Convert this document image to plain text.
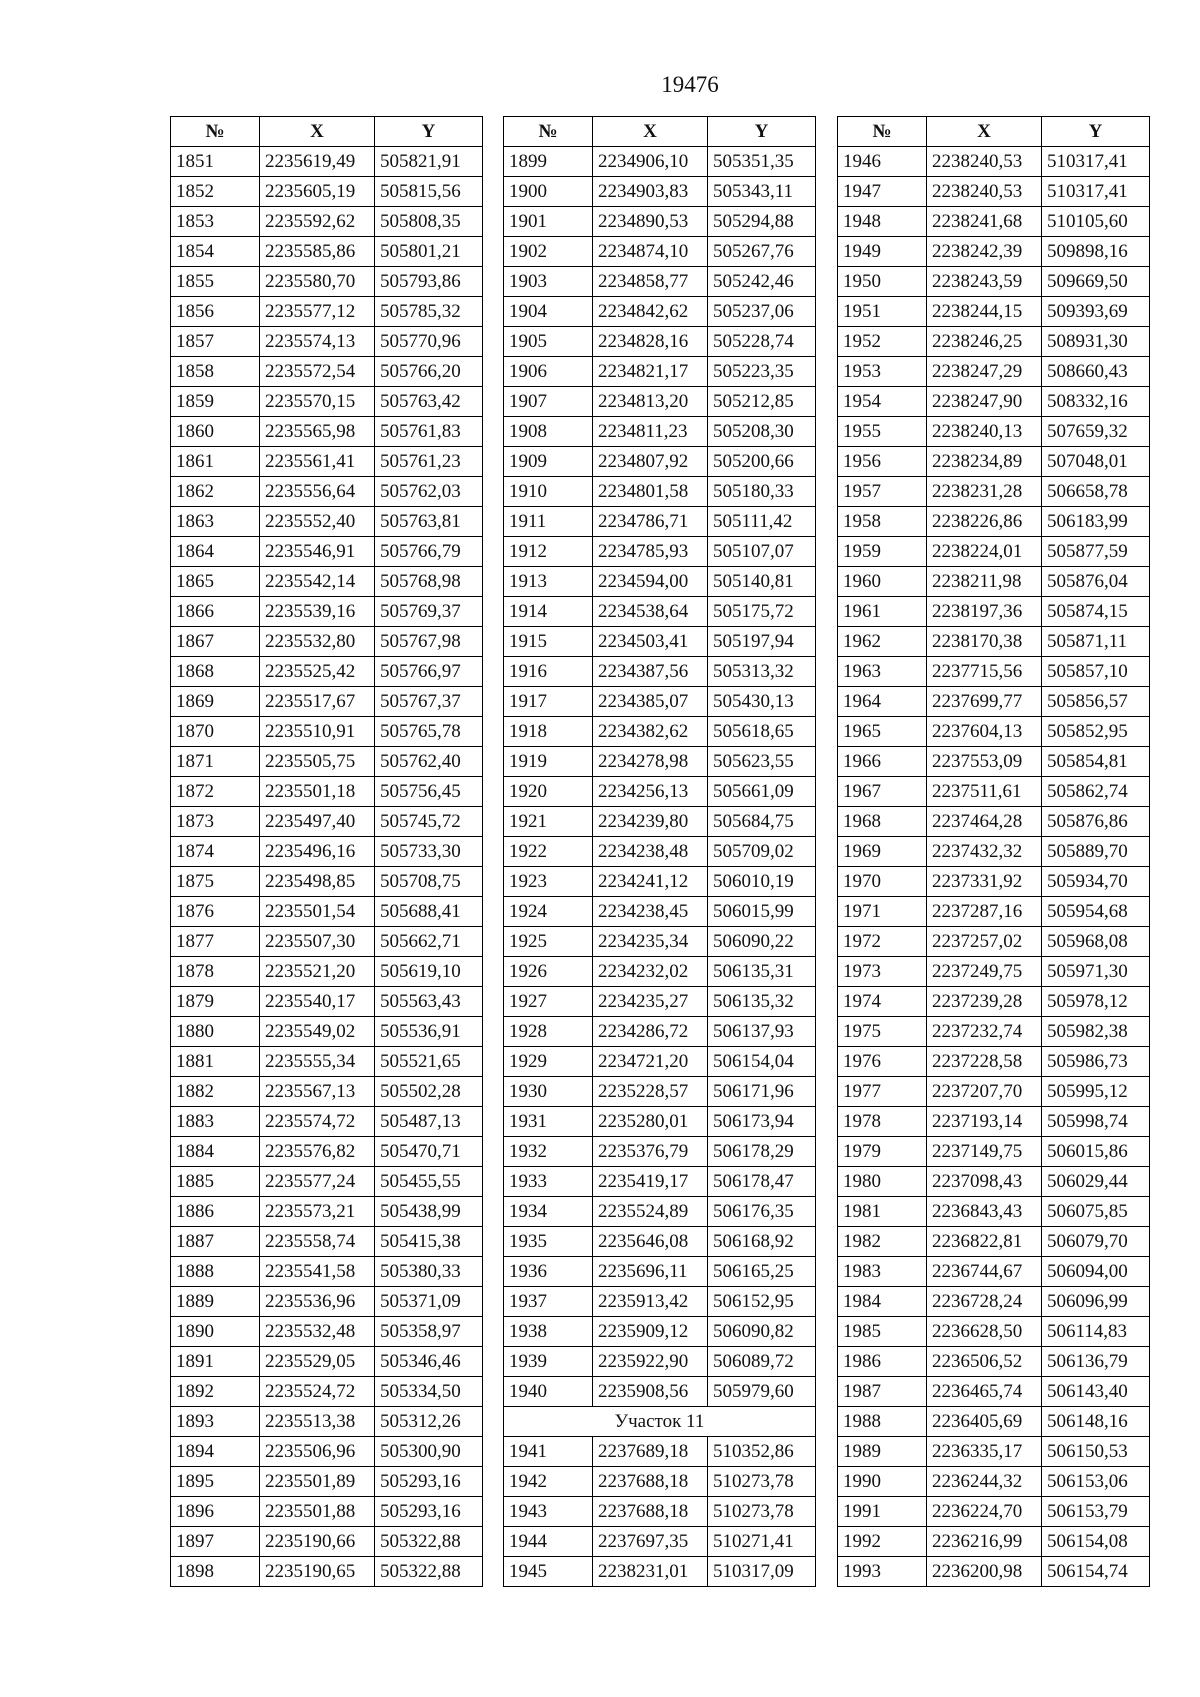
19476
№	X	Y
1851	2235619,49	505821,91
1852	2235605,19	505815,56
1853	2235592,62	505808,35
1854	2235585,86	505801,21
1855	2235580,70	505793,86
1856	2235577,12	505785,32
1857	2235574,13	505770,96
1858	2235572,54	505766,20
1859	2235570,15	505763,42
1860	2235565,98	505761,83
1861	2235561,41	505761,23
1862	2235556,64	505762,03
1863	2235552,40	505763,81
1864	2235546,91	505766,79
1865	2235542,14	505768,98
1866	2235539,16	505769,37
1867	2235532,80	505767,98
1868	2235525,42	505766,97
1869	2235517,67	505767,37
1870	2235510,91	505765,78
1871	2235505,75	505762,40
1872	2235501,18	505756,45
1873	2235497,40	505745,72
1874	2235496,16	505733,30
1875	2235498,85	505708,75
1876	2235501,54	505688,41
1877	2235507,30	505662,71
1878	2235521,20	505619,10
1879	2235540,17	505563,43
1880	2235549,02	505536,91
1881	2235555,34	505521,65
1882	2235567,13	505502,28
1883	2235574,72	505487,13
1884	2235576,82	505470,71
1885	2235577,24	505455,55
1886	2235573,21	505438,99
1887	2235558,74	505415,38
1888	2235541,58	505380,33
1889	2235536,96	505371,09
1890	2235532,48	505358,97
1891	2235529,05	505346,46
1892	2235524,72	505334,50
1893	2235513,38	505312,26
1894	2235506,96	505300,90
1895	2235501,89	505293,16
1896	2235501,88	505293,16
1897	2235190,66	505322,88
1898	2235190,65	505322,88
№	X	Y
1899	2234906,10	505351,35
1900	2234903,83	505343,11
1901	2234890,53	505294,88
1902	2234874,10	505267,76
1903	2234858,77	505242,46
1904	2234842,62	505237,06
1905	2234828,16	505228,74
1906	2234821,17	505223,35
1907	2234813,20	505212,85
1908	2234811,23	505208,30
1909	2234807,92	505200,66
1910	2234801,58	505180,33
1911	2234786,71	505111,42
1912	2234785,93	505107,07
1913	2234594,00	505140,81
1914	2234538,64	505175,72
1915	2234503,41	505197,94
1916	2234387,56	505313,32
1917	2234385,07	505430,13
1918	2234382,62	505618,65
1919	2234278,98	505623,55
1920	2234256,13	505661,09
1921	2234239,80	505684,75
1922	2234238,48	505709,02
1923	2234241,12	506010,19
1924	2234238,45	506015,99
1925	2234235,34	506090,22
1926	2234232,02	506135,31
1927	2234235,27	506135,32
1928	2234286,72	506137,93
1929	2234721,20	506154,04
1930	2235228,57	506171,96
1931	2235280,01	506173,94
1932	2235376,79	506178,29
1933	2235419,17	506178,47
1934	2235524,89	506176,35
1935	2235646,08	506168,92
1936	2235696,11	506165,25
1937	2235913,42	506152,95
1938	2235909,12	506090,82
1939	2235922,90	506089,72
1940	2235908,56	505979,60
Участок 11		
1941	2237689,18	510352,86
1942	2237688,18	510273,78
1943	2237688,18	510273,78
1944	2237697,35	510271,41
1945	2238231,01	510317,09
№	X	Y
1946	2238240,53	510317,41
1947	2238240,53	510317,41
1948	2238241,68	510105,60
1949	2238242,39	509898,16
1950	2238243,59	509669,50
1951	2238244,15	509393,69
1952	2238246,25	508931,30
1953	2238247,29	508660,43
1954	2238247,90	508332,16
1955	2238240,13	507659,32
1956	2238234,89	507048,01
1957	2238231,28	506658,78
1958	2238226,86	506183,99
1959	2238224,01	505877,59
1960	2238211,98	505876,04
1961	2238197,36	505874,15
1962	2238170,38	505871,11
1963	2237715,56	505857,10
1964	2237699,77	505856,57
1965	2237604,13	505852,95
1966	2237553,09	505854,81
1967	2237511,61	505862,74
1968	2237464,28	505876,86
1969	2237432,32	505889,70
1970	2237331,92	505934,70
1971	2237287,16	505954,68
1972	2237257,02	505968,08
1973	2237249,75	505971,30
1974	2237239,28	505978,12
1975	2237232,74	505982,38
1976	2237228,58	505986,73
1977	2237207,70	505995,12
1978	2237193,14	505998,74
1979	2237149,75	506015,86
1980	2237098,43	506029,44
1981	2236843,43	506075,85
1982	2236822,81	506079,70
1983	2236744,67	506094,00
1984	2236728,24	506096,99
1985	2236628,50	506114,83
1986	2236506,52	506136,79
1987	2236465,74	506143,40
1988	2236405,69	506148,16
1989	2236335,17	506150,53
1990	2236244,32	506153,06
1991	2236224,70	506153,79
1992	2236216,99	506154,08
1993	2236200,98	506154,74
